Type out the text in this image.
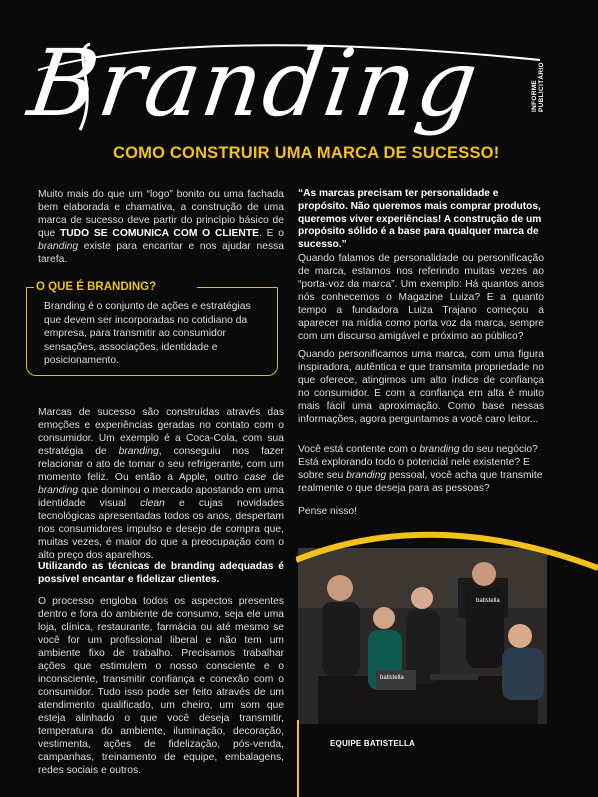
INFORME PUBLICITÁRIO
Branding
COMO CONSTRUIR UMA MARCA DE SUCESSO!

Muito mais do que um “logo” bonito ou uma fachada bem elaborada e chamativa, a construção de uma marca de sucesso deve partir do princípio básico de que TUDO SE COMUNICA COM O CLIENTE. E o branding existe para encantar e nos ajudar nessa tarefa.

O QUE É BRANDING?
Branding é o conjunto de ações e estratégias que devem ser incorporadas no cotidiano da empresa, para transmitir ao consumidor sensações, associações, identidade e posicionamento.

Marcas de sucesso são construídas através das emoções e experiências geradas no contato com o consumidor. Um exemplo é a Coca-Cola, com sua estratégia de branding, conseguiu nos fazer relacionar o ato de tomar o seu refrigerante, com um momento feliz. Ou então a Apple, outro case de branding que dominou o mercado apostando em uma identidade visual clean e cujas novidades tecnológicas apresentadas todos os anos, despertam nos consumidores impulso e desejo de compra que, muitas vezes, é maior do que a preocupação com o alto preço dos aparelhos.

Utilizando as técnicas de branding adequadas é possível encantar e fidelizar clientes.
O processo engloba todos os aspectos presentes dentro e fora do ambiente de consumo, seja ele uma loja, clínica, restaurante, farmácia ou até mesmo se você for um profissional liberal e não tem um ambiente fixo de trabalho. Precisamos trabalhar ações que estimulem o nosso consciente e o inconsciente, transmitir confiança e conexão com o consumidor. Tudo isso pode ser feito através de um atendimento qualificado, um cheiro, um som que esteja alinhado o que você deseja transmitir, temperatura do ambiente, iluminação, decoração, vestimenta, ações de fidelização, pós-venda, campanhas, treinamento de equipe, embalagens, redes sociais e outros.
“As marcas precisam ter personalidade e propósito. Não queremos mais comprar produtos, queremos viver experiências! A construção de um propósito sólido é a base para qualquer marca de sucesso.”
Quando falamos de personalidade ou personificação de marca, estamos nos referindo muitas vezes ao “porta-voz da marca”. Um exemplo: Há quantos anos nós conhecemos o Magazine Luiza? E a quanto tempo a fundadora Luiza Trajano começou a aparecer na mídia como porta voz da marca, sempre com um discurso amigável e próximo ao público?
Quando personificamos uma marca, com uma figura inspiradora, autêntica e que transmita propriedade no que oferece, atingimos um alto índice de confiança no consumidor. E com a confiança em alta é muito mais fácil uma aproximação. Como base nessas informações, agora perguntamos a você caro leitor...

Você está contente com o branding do seu negócio? Está explorando todo o potencial nele existente? E sobre seu branding pessoal, você acha que transmite realmente o que deseja para as pessoas?

Pense nisso!
batistella
batistella
EQUIPE BATISTELLA
